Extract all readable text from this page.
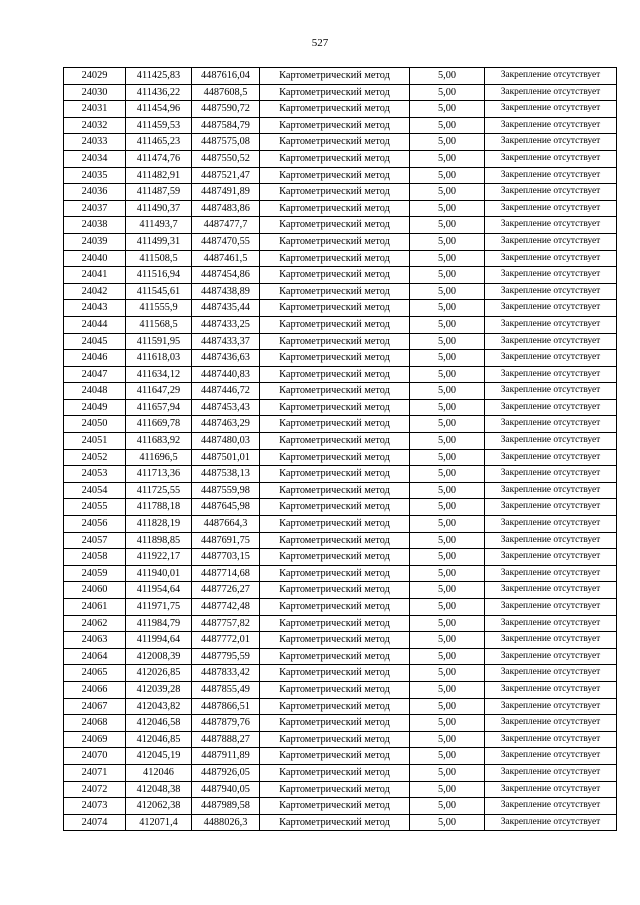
527
24029	411425,83	4487616,04	Картометрический метод	5,00	Закрепление отсутствует
24030	411436,22	4487608,5	Картометрический метод	5,00	Закрепление отсутствует
24031	411454,96	4487590,72	Картометрический метод	5,00	Закрепление отсутствует
24032	411459,53	4487584,79	Картометрический метод	5,00	Закрепление отсутствует
24033	411465,23	4487575,08	Картометрический метод	5,00	Закрепление отсутствует
24034	411474,76	4487550,52	Картометрический метод	5,00	Закрепление отсутствует
24035	411482,91	4487521,47	Картометрический метод	5,00	Закрепление отсутствует
24036	411487,59	4487491,89	Картометрический метод	5,00	Закрепление отсутствует
24037	411490,37	4487483,86	Картометрический метод	5,00	Закрепление отсутствует
24038	411493,7	4487477,7	Картометрический метод	5,00	Закрепление отсутствует
24039	411499,31	4487470,55	Картометрический метод	5,00	Закрепление отсутствует
24040	411508,5	4487461,5	Картометрический метод	5,00	Закрепление отсутствует
24041	411516,94	4487454,86	Картометрический метод	5,00	Закрепление отсутствует
24042	411545,61	4487438,89	Картометрический метод	5,00	Закрепление отсутствует
24043	411555,9	4487435,44	Картометрический метод	5,00	Закрепление отсутствует
24044	411568,5	4487433,25	Картометрический метод	5,00	Закрепление отсутствует
24045	411591,95	4487433,37	Картометрический метод	5,00	Закрепление отсутствует
24046	411618,03	4487436,63	Картометрический метод	5,00	Закрепление отсутствует
24047	411634,12	4487440,83	Картометрический метод	5,00	Закрепление отсутствует
24048	411647,29	4487446,72	Картометрический метод	5,00	Закрепление отсутствует
24049	411657,94	4487453,43	Картометрический метод	5,00	Закрепление отсутствует
24050	411669,78	4487463,29	Картометрический метод	5,00	Закрепление отсутствует
24051	411683,92	4487480,03	Картометрический метод	5,00	Закрепление отсутствует
24052	411696,5	4487501,01	Картометрический метод	5,00	Закрепление отсутствует
24053	411713,36	4487538,13	Картометрический метод	5,00	Закрепление отсутствует
24054	411725,55	4487559,98	Картометрический метод	5,00	Закрепление отсутствует
24055	411788,18	4487645,98	Картометрический метод	5,00	Закрепление отсутствует
24056	411828,19	4487664,3	Картометрический метод	5,00	Закрепление отсутствует
24057	411898,85	4487691,75	Картометрический метод	5,00	Закрепление отсутствует
24058	411922,17	4487703,15	Картометрический метод	5,00	Закрепление отсутствует
24059	411940,01	4487714,68	Картометрический метод	5,00	Закрепление отсутствует
24060	411954,64	4487726,27	Картометрический метод	5,00	Закрепление отсутствует
24061	411971,75	4487742,48	Картометрический метод	5,00	Закрепление отсутствует
24062	411984,79	4487757,82	Картометрический метод	5,00	Закрепление отсутствует
24063	411994,64	4487772,01	Картометрический метод	5,00	Закрепление отсутствует
24064	412008,39	4487795,59	Картометрический метод	5,00	Закрепление отсутствует
24065	412026,85	4487833,42	Картометрический метод	5,00	Закрепление отсутствует
24066	412039,28	4487855,49	Картометрический метод	5,00	Закрепление отсутствует
24067	412043,82	4487866,51	Картометрический метод	5,00	Закрепление отсутствует
24068	412046,58	4487879,76	Картометрический метод	5,00	Закрепление отсутствует
24069	412046,85	4487888,27	Картометрический метод	5,00	Закрепление отсутствует
24070	412045,19	4487911,89	Картометрический метод	5,00	Закрепление отсутствует
24071	412046	4487926,05	Картометрический метод	5,00	Закрепление отсутствует
24072	412048,38	4487940,05	Картометрический метод	5,00	Закрепление отсутствует
24073	412062,38	4487989,58	Картометрический метод	5,00	Закрепление отсутствует
24074	412071,4	4488026,3	Картометрический метод	5,00	Закрепление отсутствует
